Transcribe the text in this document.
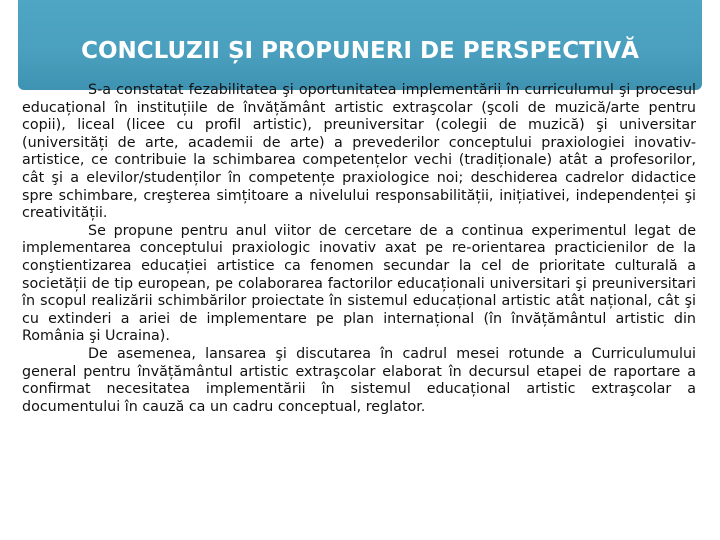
CONCLUZII ȘI PROPUNERI DE PERSPECTIVĂ

S-a constatat fezabilitatea şi oportunitatea implementării în curriculumul şi procesul educațional în instituțiile de învățământ artistic extraşcolar (şcoli de muzică/arte pentru copii), liceal (licee cu profil artistic), preuniversitar (colegii de muzică) şi universitar (universități de arte, academii de arte) a prevederilor conceptului praxiologiei inovativ-artistice, ce contribuie la schimbarea competențelor vechi (tradiționale) atât a profesorilor, cât şi a elevilor/studenților în competențe praxiologice noi; deschiderea cadrelor didactice spre schimbare, creşterea simțitoare a nivelului responsabilității, inițiativei, independenței şi creativității.

Se propune pentru anul viitor de cercetare de a continua experimentul legat de implementarea conceptului praxiologic inovativ axat pe re-orientarea practicienilor de la conştientizarea educației artistice ca fenomen secundar la cel de prioritate culturală a societății de tip european, pe colaborarea factorilor educaționali universitari şi preuniversitari în scopul realizării schimbărilor proiectate în sistemul educațional artistic atât național, cât şi cu extinderi a ariei de implementare pe plan internațional (în învățământul artistic din România şi Ucraina).

De asemenea, lansarea şi discutarea în cadrul mesei rotunde a Curriculumului general pentru învățământul artistic extraşcolar elaborat în decursul etapei de raportare a confirmat necesitatea implementării în sistemul educațional artistic extraşcolar a documentului în cauză ca un cadru conceptual, reglator.
